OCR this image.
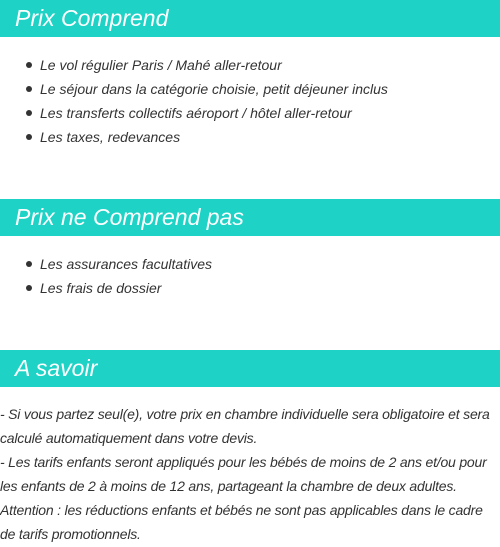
Prix Comprend
Le vol régulier Paris / Mahé aller-retour
Le séjour dans la catégorie choisie, petit déjeuner inclus
Les transferts collectifs aéroport / hôtel aller-retour
Les taxes, redevances
Prix ne Comprend pas
Les assurances facultatives
Les frais de dossier
A savoir

- Si vous partez seul(e), votre prix en chambre individuelle sera obligatoire et sera calculé automatiquement dans votre devis.

- Les tarifs enfants seront appliqués pour les bébés de moins de 2 ans et/ou pour les enfants de 2 à moins de 12 ans, partageant la chambre de deux adultes.

Attention : les réductions enfants et bébés ne sont pas applicables dans le cadre de tarifs promotionnels.
